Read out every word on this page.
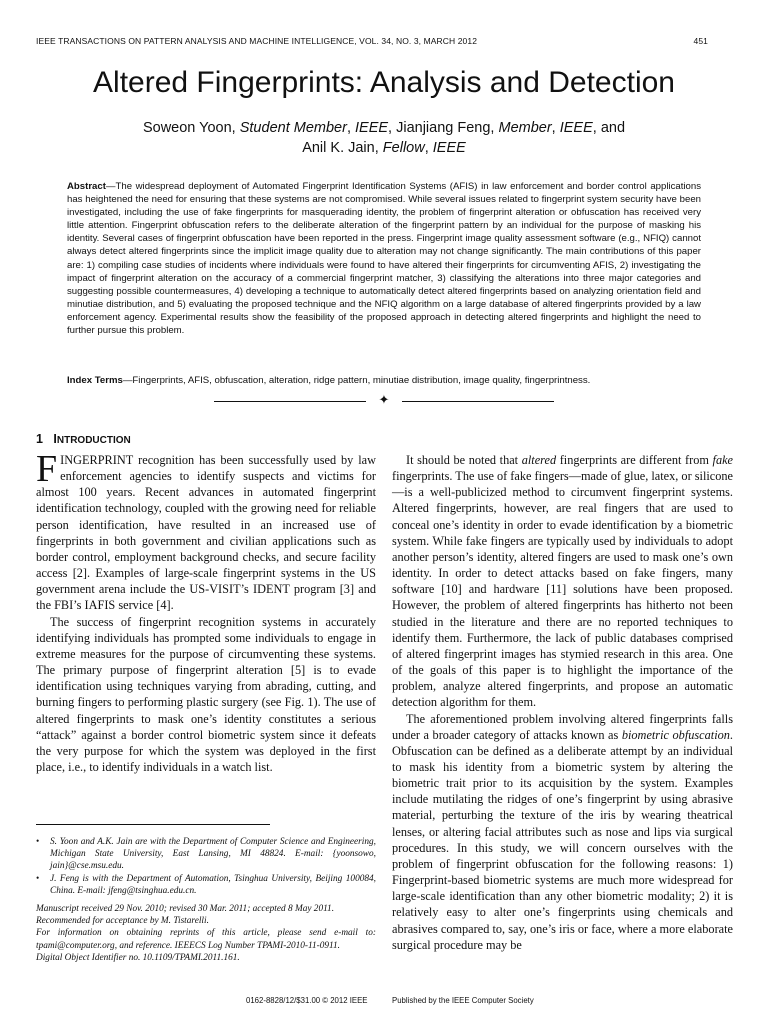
IEEE TRANSACTIONS ON PATTERN ANALYSIS AND MACHINE INTELLIGENCE, VOL. 34, NO. 3, MARCH 2012	451
Altered Fingerprints: Analysis and Detection
Soweon Yoon, Student Member, IEEE, Jianjiang Feng, Member, IEEE, and
Anil K. Jain, Fellow, IEEE

Abstract—The widespread deployment of Automated Fingerprint Identification Systems (AFIS) in law enforcement and border control applications has heightened the need for ensuring that these systems are not compromised. While several issues related to fingerprint system security have been investigated, including the use of fake fingerprints for masquerading identity, the problem of fingerprint alteration or obfuscation has received very little attention. Fingerprint obfuscation refers to the deliberate alteration of the fingerprint pattern by an individual for the purpose of masking his identity. Several cases of fingerprint obfuscation have been reported in the press. Fingerprint image quality assessment software (e.g., NFIQ) cannot always detect altered fingerprints since the implicit image quality due to alteration may not change significantly. The main contributions of this paper are: 1) compiling case studies of incidents where individuals were found to have altered their fingerprints for circumventing AFIS, 2) investigating the impact of fingerprint alteration on the accuracy of a commercial fingerprint matcher, 3) classifying the alterations into three major categories and suggesting possible countermeasures, 4) developing a technique to automatically detect altered fingerprints based on analyzing orientation field and minutiae distribution, and 5) evaluating the proposed technique and the NFIQ algorithm on a large database of altered fingerprints provided by a law enforcement agency. Experimental results show the feasibility of the proposed approach in detecting altered fingerprints and highlight the need to further pursue this problem.

Index Terms—Fingerprints, AFIS, obfuscation, alteration, ridge pattern, minutiae distribution, image quality, fingerprintness.
✦
1 INTRODUCTION

FINGERPRINT recognition has been successfully used by law enforcement agencies to identify suspects and victims for almost 100 years. Recent advances in automated fingerprint identification technology, coupled with the growing need for reliable person identification, have resulted in an increased use of fingerprints in both government and civilian applications such as border control, employment background checks, and secure facility access [2]. Examples of large-scale fingerprint systems in the US government arena include the US-VISIT’s IDENT program [3] and the FBI’s IAFIS service [4].

The success of fingerprint recognition systems in accurately identifying individuals has prompted some individuals to engage in extreme measures for the purpose of circumventing these systems. The primary purpose of fingerprint alteration [5] is to evade identification using techniques varying from abrading, cutting, and burning fingers to performing plastic surgery (see Fig. 1). The use of altered fingerprints to mask one’s identity constitutes a serious “attack” against a border control biometric system since it defeats the very purpose for which the system was deployed in the first place, i.e., to identify individuals in a watch list.

• S. Yoon and A.K. Jain are with the Department of Computer Science and Engineering, Michigan State University, East Lansing, MI 48824. E-mail: {yoonsowo, jain}@cse.msu.edu.
• J. Feng is with the Department of Automation, Tsinghua University, Beijing 100084, China. E-mail: jfeng@tsinghua.edu.cn.
Manuscript received 29 Nov. 2010; revised 30 Mar. 2011; accepted 8 May 2011.
Recommended for acceptance by M. Tistarelli.
For information on obtaining reprints of this article, please send e-mail to: tpami@computer.org, and reference. IEEECS Log Number TPAMI-2010-11-0911.
Digital Object Identifier no. 10.1109/TPAMI.2011.161.

It should be noted that altered fingerprints are different from fake fingerprints. The use of fake fingers—made of glue, latex, or silicone—is a well-publicized method to circumvent fingerprint systems. Altered fingerprints, however, are real fingers that are used to conceal one’s identity in order to evade identification by a biometric system. While fake fingers are typically used by individuals to adopt another person’s identity, altered fingers are used to mask one’s own identity. In order to detect attacks based on fake fingers, many software [10] and hardware [11] solutions have been proposed. However, the problem of altered fingerprints has hitherto not been studied in the literature and there are no reported techniques to identify them. Furthermore, the lack of public databases comprised of altered fingerprint images has stymied research in this area. One of the goals of this paper is to highlight the importance of the problem, analyze altered fingerprints, and propose an automatic detection algorithm for them.

The aforementioned problem involving altered fingerprints falls under a broader category of attacks known as biometric obfuscation. Obfuscation can be defined as a deliberate attempt by an individual to mask his identity from a biometric system by altering the biometric trait prior to its acquisition by the system. Examples include mutilating the ridges of one’s fingerprint by using abrasive material, perturbing the texture of the iris by wearing theatrical lenses, or altering facial attributes such as nose and lips via surgical procedures. In this study, we will concern ourselves with the problem of fingerprint obfuscation for the following reasons: 1) Fingerprint-based biometric systems are much more widespread for large-scale identification than any other biometric modality; 2) it is relatively easy to alter one’s fingerprints using chemicals and abrasives compared to, say, one’s iris or face, where a more elaborate surgical procedure may be

0162-8828/12/$31.00 © 2012 IEEE	Published by the IEEE Computer Society
